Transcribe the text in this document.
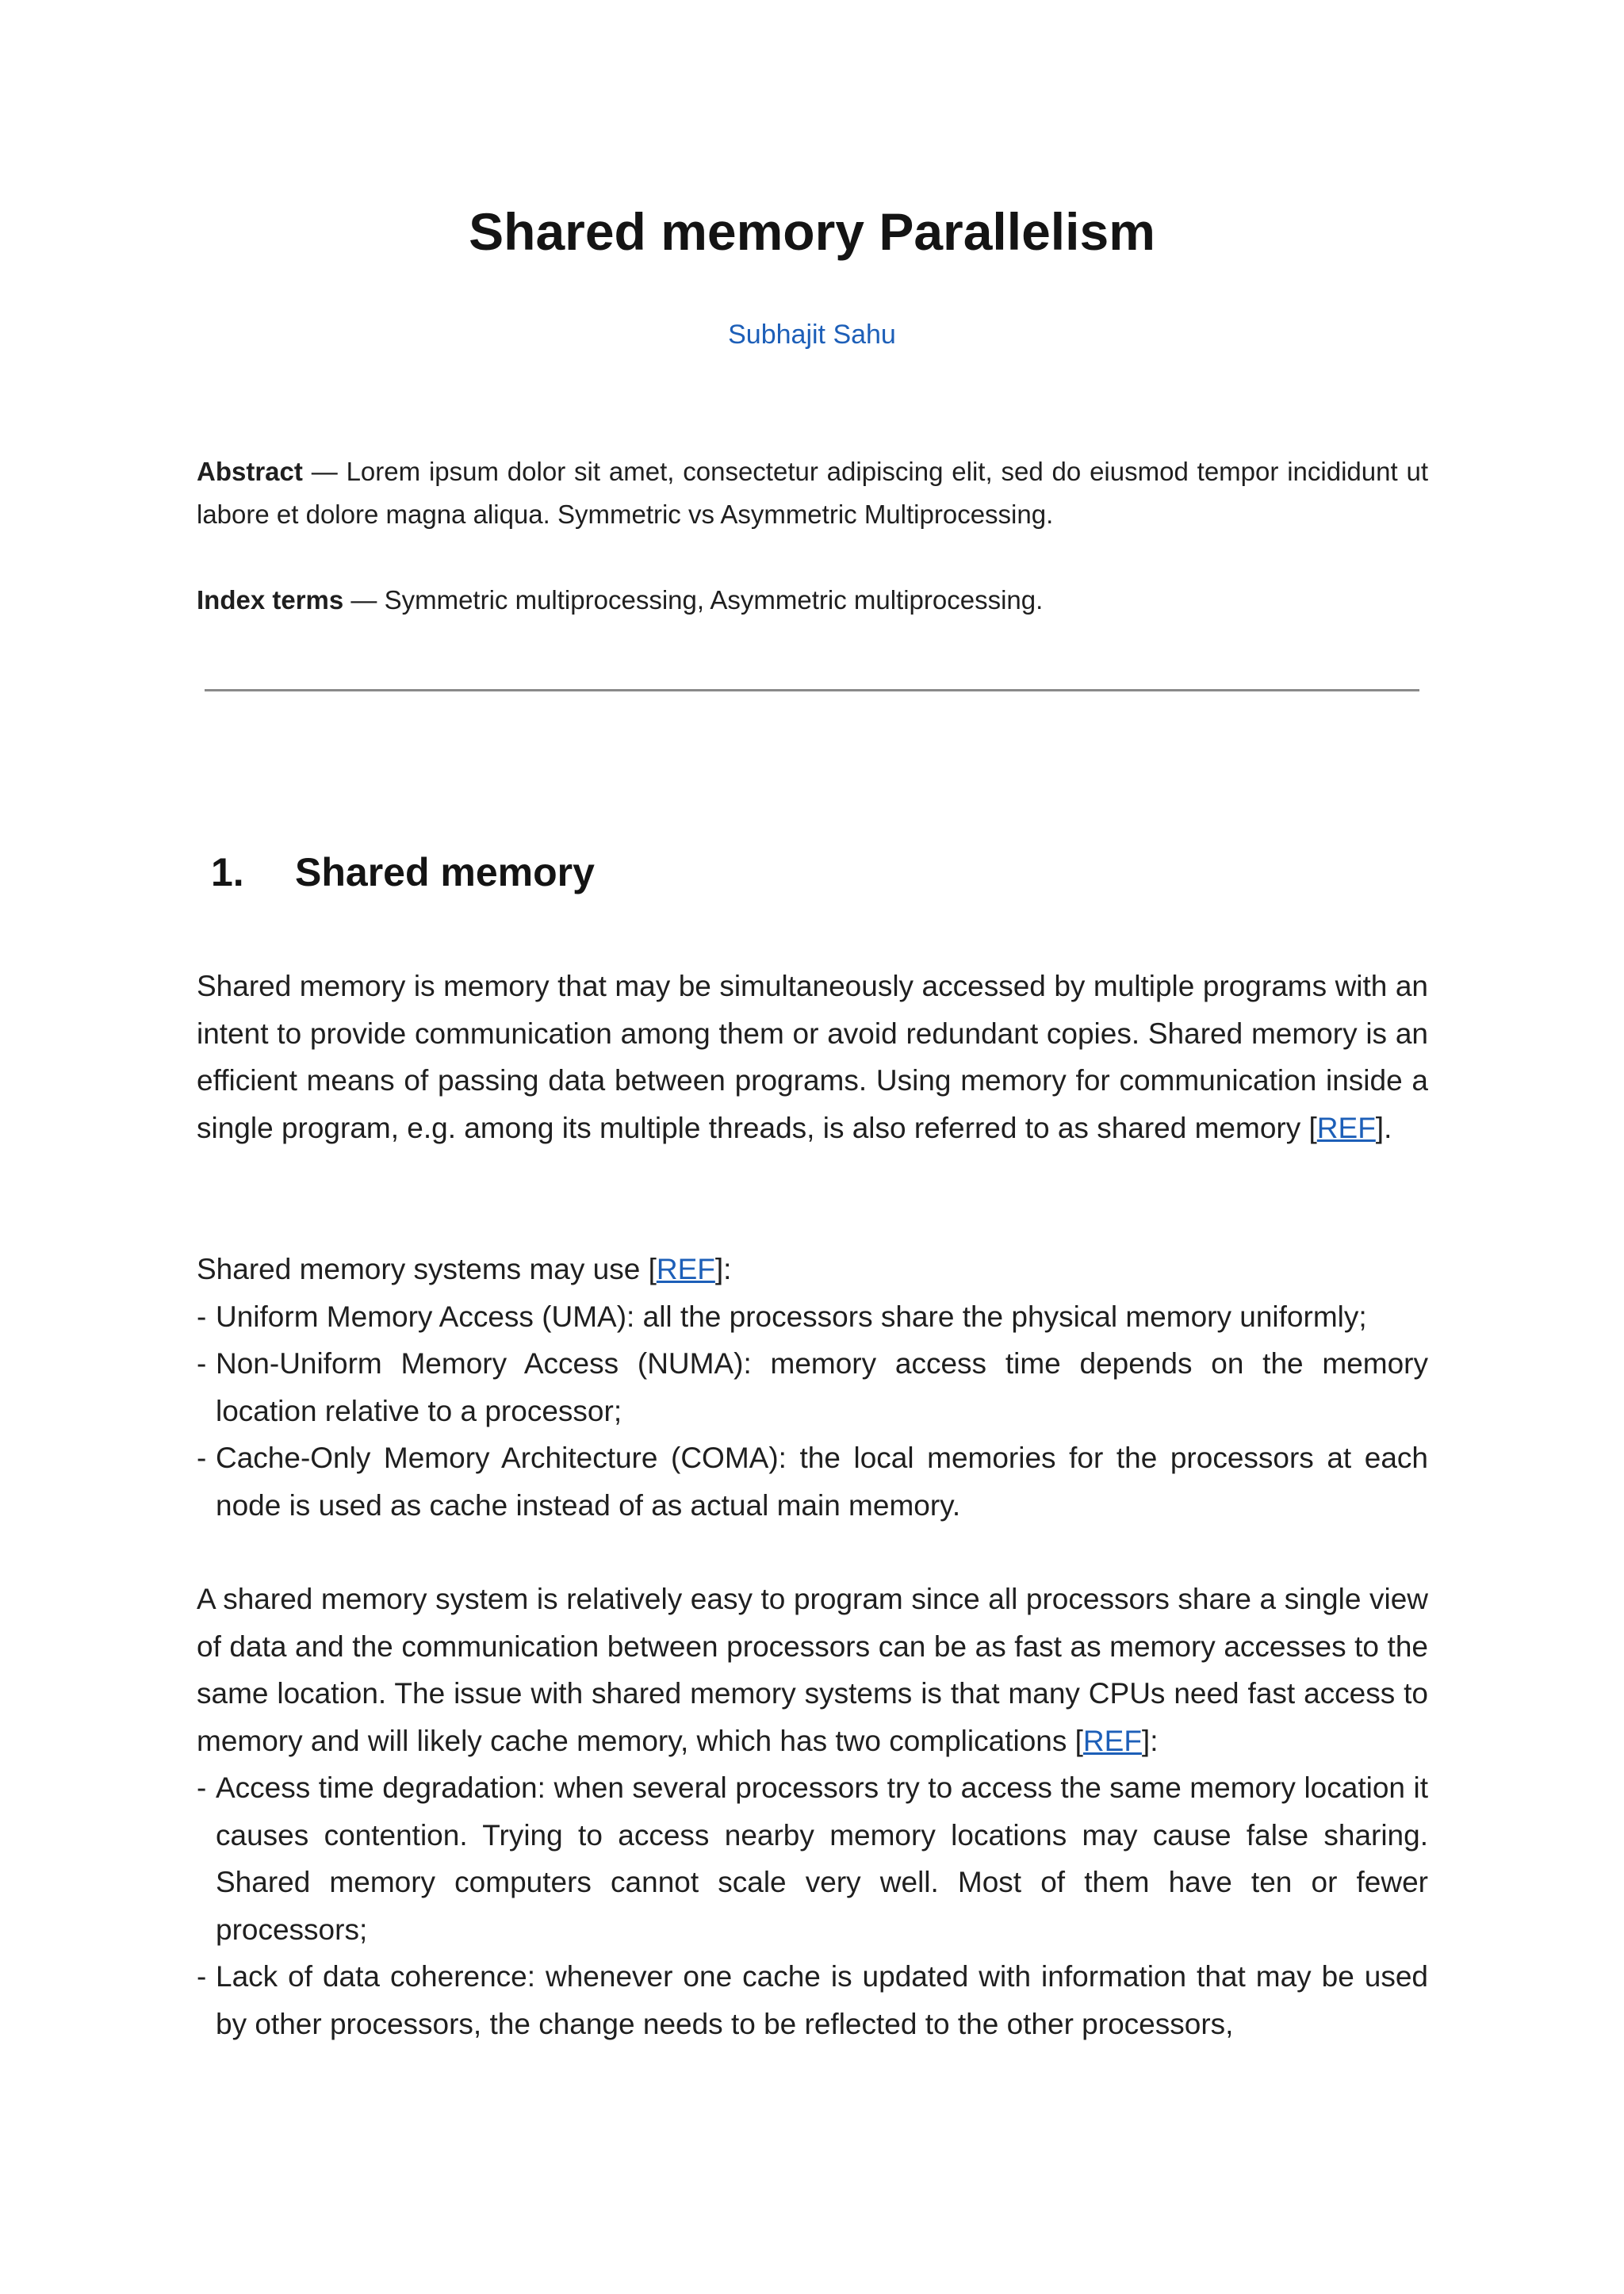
Shared memory Parallelism
Subhajit Sahu

Abstract — Lorem ipsum dolor sit amet, consectetur adipiscing elit, sed do eiusmod tempor incididunt ut labore et dolore magna aliqua. Symmetric vs Asymmetric Multiprocessing.

Index terms — Symmetric multiprocessing, Asymmetric multiprocessing.

1. Shared memory

Shared memory is memory that may be simultaneously accessed by multiple programs with an intent to provide communication among them or avoid redundant copies. Shared memory is an efficient means of passing data between programs. Using memory for communication inside a single program, e.g. among its multiple threads, is also referred to as shared memory [REF].

Shared memory systems may use [REF]:
- Uniform Memory Access (UMA): all the processors share the physical memory uniformly;
- Non-Uniform Memory Access (NUMA): memory access time depends on the memory location relative to a processor;
- Cache-Only Memory Architecture (COMA): the local memories for the processors at each node is used as cache instead of as actual main memory.
A shared memory system is relatively easy to program since all processors share a single view of data and the communication between processors can be as fast as memory accesses to the same location. The issue with shared memory systems is that many CPUs need fast access to memory and will likely cache memory, which has two complications [REF]:
- Access time degradation: when several processors try to access the same memory location it causes contention. Trying to access nearby memory locations may cause false sharing. Shared memory computers cannot scale very well. Most of them have ten or fewer processors;
- Lack of data coherence: whenever one cache is updated with information that may be used by other processors, the change needs to be reflected to the other processors,
